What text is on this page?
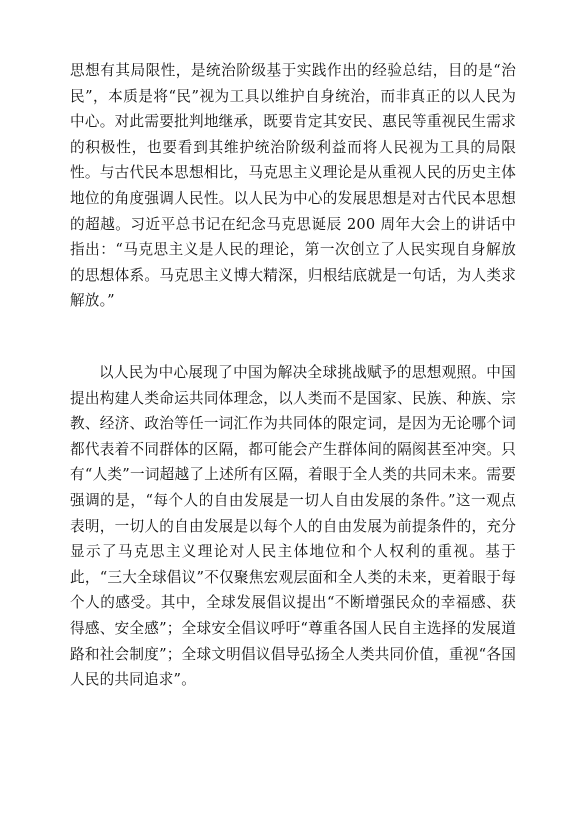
思想有其局限性，是统治阶级基于实践作出的经验总结，目的是“治民”，本质是将“民”视为工具以维护自身统治，而非真正的以人民为中心。对此需要批判地继承，既要肯定其安民、惠民等重视民生需求的积极性，也要看到其维护统治阶级利益而将人民视为工具的局限性。与古代民本思想相比，马克思主义理论是从重视人民的历史主体地位的角度强调人民性。以人民为中心的发展思想是对古代民本思想的超越。习近平总书记在纪念马克思诞辰 200 周年大会上的讲话中指出：“马克思主义是人民的理论，第一次创立了人民实现自身解放的思想体系。马克思主义博大精深，归根结底就是一句话，为人类求解放。”

以人民为中心展现了中国为解决全球挑战赋予的思想观照。中国提出构建人类命运共同体理念，以人类而不是国家、民族、种族、宗教、经济、政治等任一词汇作为共同体的限定词，是因为无论哪个词都代表着不同群体的区隔，都可能会产生群体间的隔阂甚至冲突。只有“人类”一词超越了上述所有区隔，着眼于全人类的共同未来。需要强调的是，“每个人的自由发展是一切人自由发展的条件。”这一观点表明，一切人的自由发展是以每个人的自由发展为前提条件的，充分显示了马克思主义理论对人民主体地位和个人权利的重视。基于此，“三大全球倡议”不仅聚焦宏观层面和全人类的未来，更着眼于每个人的感受。其中，全球发展倡议提出“不断增强民众的幸福感、获得感、安全感”；全球安全倡议呼吁“尊重各国人民自主选择的发展道路和社会制度”；全球文明倡议倡导弘扬全人类共同价值，重视“各国人民的共同追求”。
